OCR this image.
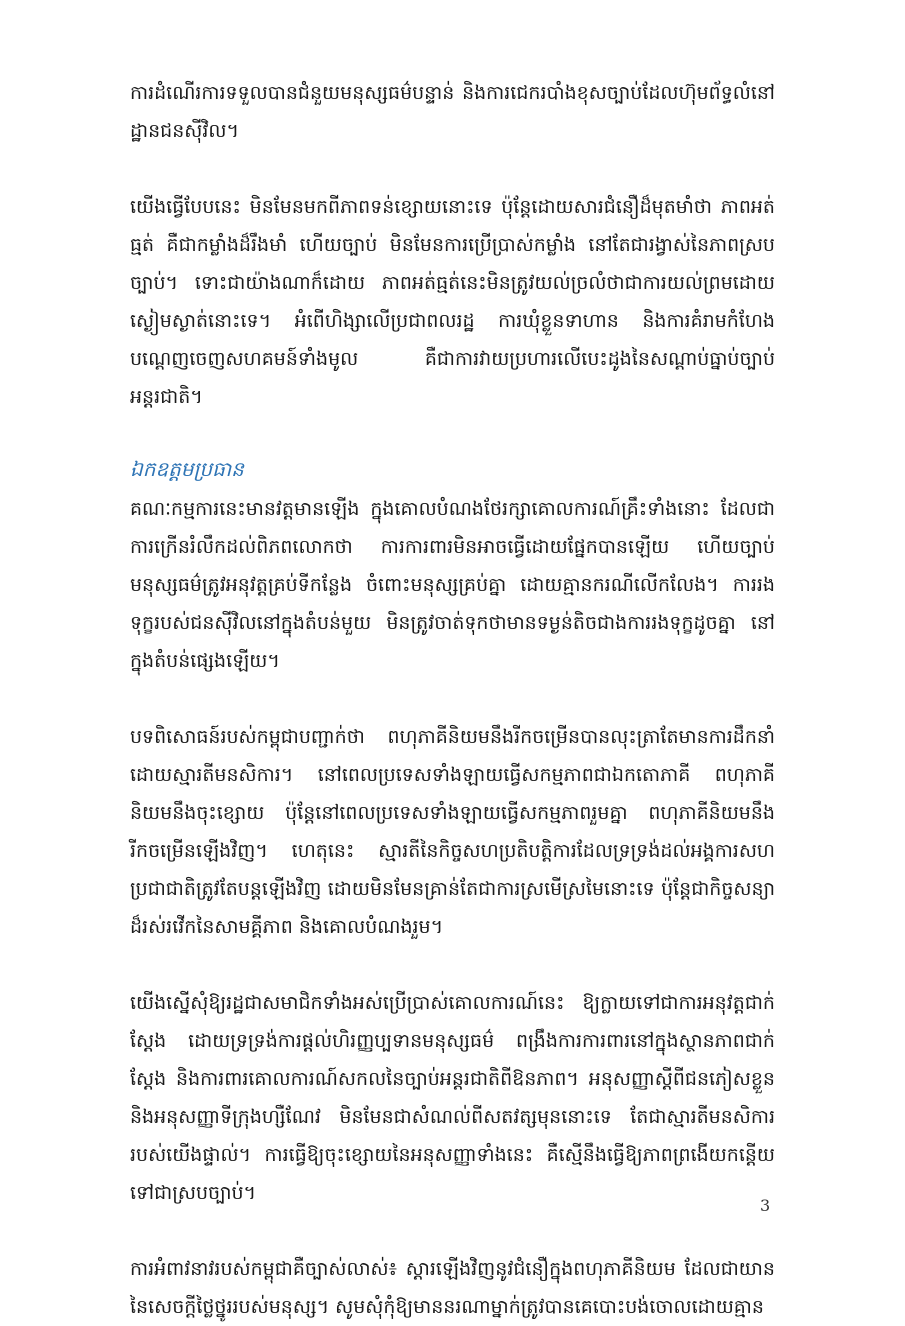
ការដំណើរការទទួលបានជំនួយមនុស្សធម៌បន្ទាន់ និងការជេករបាំងខុសច្បាប់ដែលហ៊ុមព័ទ្ធលំនៅដ្ឋានជនស៊ីវិល។

យើងធ្វើបែបនេះ មិនមែនមកពីភាពទន់ខ្សោយនោះទេ ប៉ុន្តែដោយសារជំនឿដ៏មុតមាំថា ភាពអត់ធ្មត់ គឺជាកម្លាំងដ៏រឹងមាំ ហើយច្បាប់ មិនមែនការប្រើប្រាស់កម្លាំង នៅតែជារង្វាស់នៃភាពស្របច្បាប់។ ទោះជាយ៉ាងណាក៏ដោយ ភាពអត់ធ្មត់នេះមិនត្រូវយល់ច្រលំថាជាការយល់ព្រមដោយស្ងៀមស្ងាត់នោះទេ។ អំពើហិង្សាលើប្រជាពលរដ្ឋ ការឃុំខ្លួនទាហាន និងការគំរាមកំហែងបណ្តេញចេញសហគមន៍ទាំងមូល គឺជាការវាយប្រហារលើបេះដូងនៃសណ្តាប់ធ្នាប់ច្បាប់អន្តរជាតិ។

ឯកឧត្តមប្រធាន

គណៈកម្មការនេះមានវត្តមានឡើង ក្នុងគោលបំណងថែរក្សាគោលការណ៍គ្រឹះទាំងនោះ ដែលជាការក្រើនរំលឹកដល់ពិភពលោកថា ការការពារមិនអាចធ្វើដោយផ្នែកបានឡើយ ហើយច្បាប់មនុស្សធម៌ត្រូវអនុវត្តគ្រប់ទីកន្លែង ចំពោះមនុស្សគ្រប់គ្នា ដោយគ្មានករណីលើកលែង។ ការរងទុក្ខរបស់ជនស៊ីវិលនៅក្នុងតំបន់មួយ មិនត្រូវចាត់ទុកថាមានទម្ងន់តិចជាងការរងទុក្ខដូចគ្នា នៅក្នុងតំបន់ផ្សេងឡើយ។

បទពិសោធន៍របស់កម្ពុជាបញ្ជាក់ថា ពហុភាគីនិយមនឹងរីកចម្រើនបានលុះត្រាតែមានការដឹកនាំដោយស្មារតីមនសិការ។ នៅពេលប្រទេសទាំងឡាយធ្វើសកម្មភាពជាឯកតោភាគី ពហុភាគីនិយមនឹងចុះខ្សោយ ប៉ុន្តែនៅពេលប្រទេសទាំងឡាយធ្វើសកម្មភាពរួមគ្នា ពហុភាគីនិយមនឹងរីកចម្រើនឡើងវិញ។ ហេតុនេះ ស្មារតីនៃកិច្ចសហប្រតិបត្តិការដែលទ្រទ្រង់ដល់អង្គការសហប្រជាជាតិត្រូវតែបន្តឡើងវិញ ដោយមិនមែនគ្រាន់តែជាការស្រមើស្រមៃនោះទេ ប៉ុន្តែជាកិច្ចសន្យាដ៏រស់រវើកនៃសាមគ្គីភាព និងគោលបំណងរួម។

យើងស្នើសុំឱ្យរដ្ឋជាសមាជិកទាំងអស់ប្រើប្រាស់គោលការណ៍នេះ ឱ្យក្លាយទៅជាការអនុវត្តជាក់ស្តែង ដោយទ្រទ្រង់ការផ្តល់ហិរញ្ញប្បទានមនុស្សធម៌ ពង្រឹងការការពារនៅក្នុងស្ថានភាពជាក់ស្តែង និងការពារគោលការណ៍សកលនៃច្បាប់អន្តរជាតិពីឱនភាព។ អនុសញ្ញាស្តីពីជនភៀសខ្លួន និងអនុសញ្ញាទីក្រុងហ្សឺណែវ មិនមែនជាសំណល់ពីសតវត្សមុននោះទេ តែជាស្មារតីមនសិការរបស់យើងផ្ទាល់។ ការធ្វើឱ្យចុះខ្សោយនៃអនុសញ្ញាទាំងនេះ គឺស្មើនឹងធ្វើឱ្យភាពព្រងើយកន្តើយទៅជាស្របច្បាប់។

ការអំពាវនាវរបស់កម្ពុជាគឺច្បាស់លាស់៖ ស្តារឡើងវិញនូវជំនឿក្នុងពហុភាគីនិយម ដែលជាយាននៃសេចក្តីថ្លៃថ្នូររបស់មនុស្ស។ សូមសុំកុំឱ្យមាននរណាម្នាក់ត្រូវបានគេបោះបង់ចោលដោយគ្មាន

3
